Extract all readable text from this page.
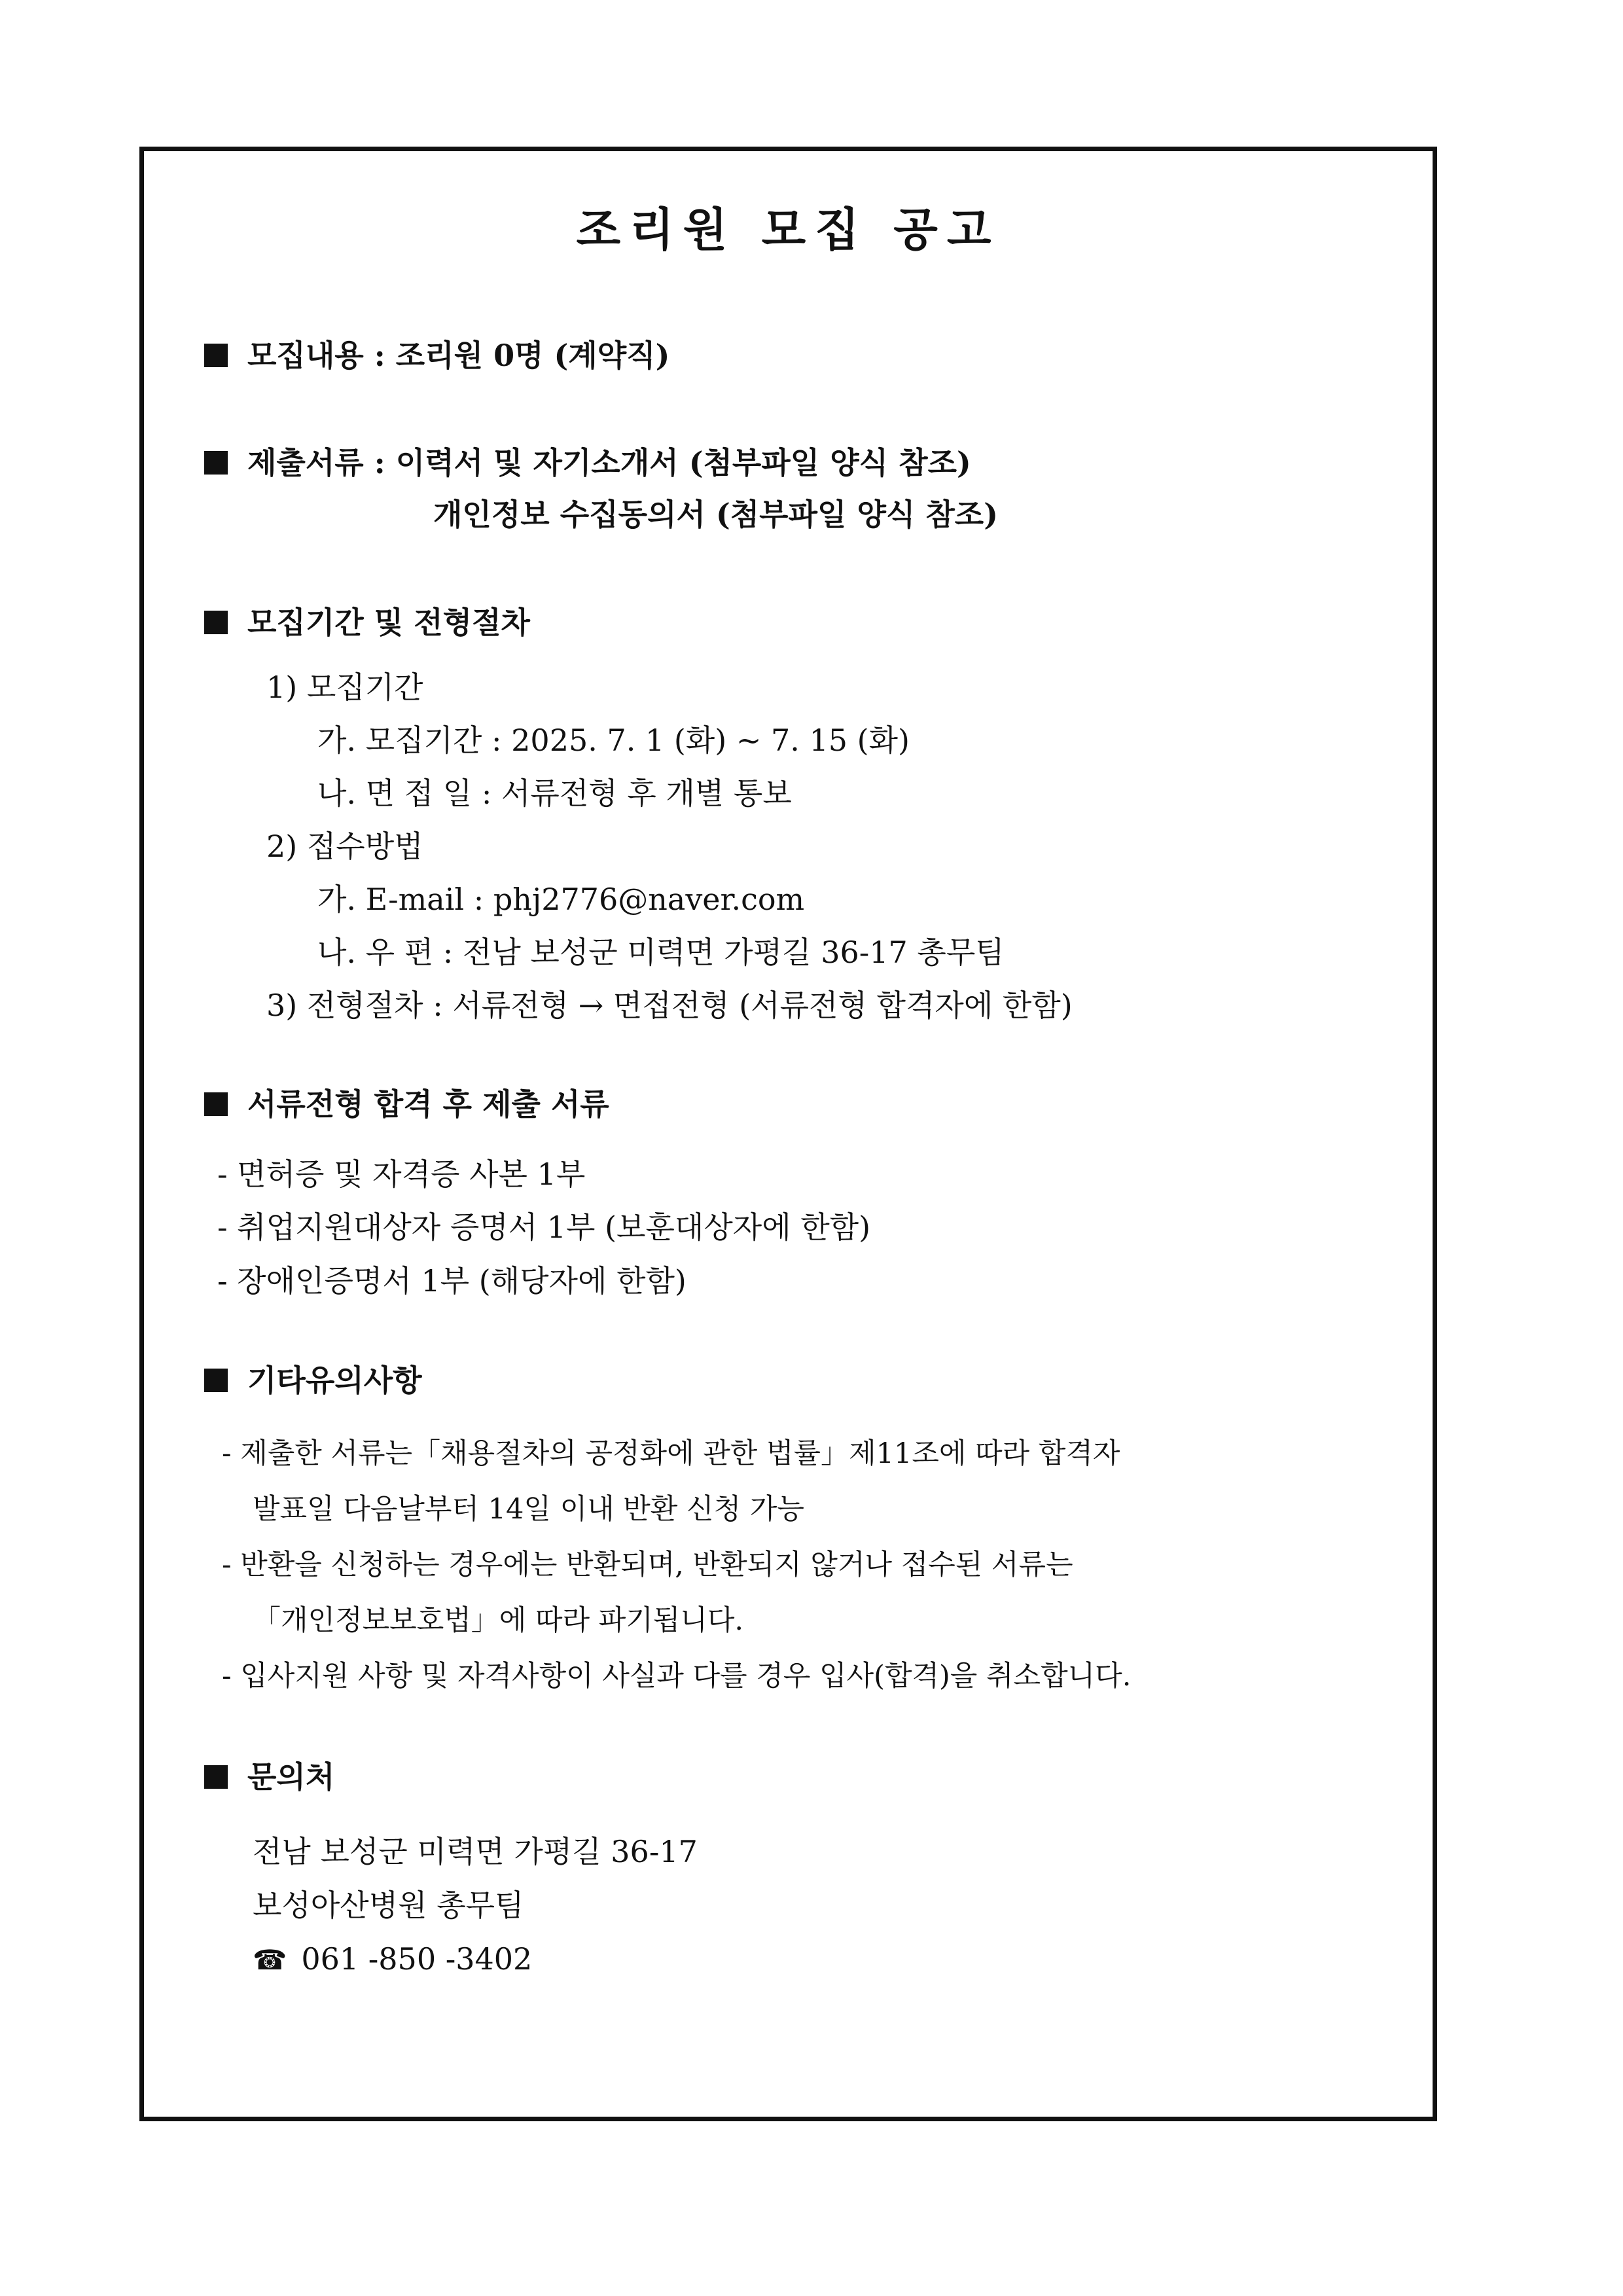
조리원 모집 공고
모집내용 : 조리원 0명 (계약직)
제출서류 : 이력서 및 자기소개서 (첨부파일 양식 참조)
개인정보 수집동의서 (첨부파일 양식 참조)
모집기간 및 전형절차
1) 모집기간
가. 모집기간 : 2025. 7. 1 (화) ~ 7. 15 (화)
나. 면 접 일 : 서류전형 후 개별 통보
2) 접수방법
가. E-mail : phj2776@naver.com
나. 우 편 : 전남 보성군 미력면 가평길 36-17 총무팀
3) 전형절차 : 서류전형 → 면접전형 (서류전형 합격자에 한함)
서류전형 합격 후 제출 서류
- 면허증 및 자격증 사본 1부
- 취업지원대상자 증명서 1부 (보훈대상자에 한함)
- 장애인증명서 1부 (해당자에 한함)
기타유의사항
- 제출한 서류는「채용절차의 공정화에 관한 법률」제11조에 따라 합격자
발표일 다음날부터 14일 이내 반환 신청 가능
- 반환을 신청하는 경우에는 반환되며, 반환되지 않거나 접수된 서류는
「개인정보보호법」에 따라 파기됩니다.
- 입사지원 사항 및 자격사항이 사실과 다를 경우 입사(합격)을 취소합니다.
문의처
전남 보성군 미력면 가평길 36-17
보성아산병원 총무팀
☎ 061 -850 -3402
